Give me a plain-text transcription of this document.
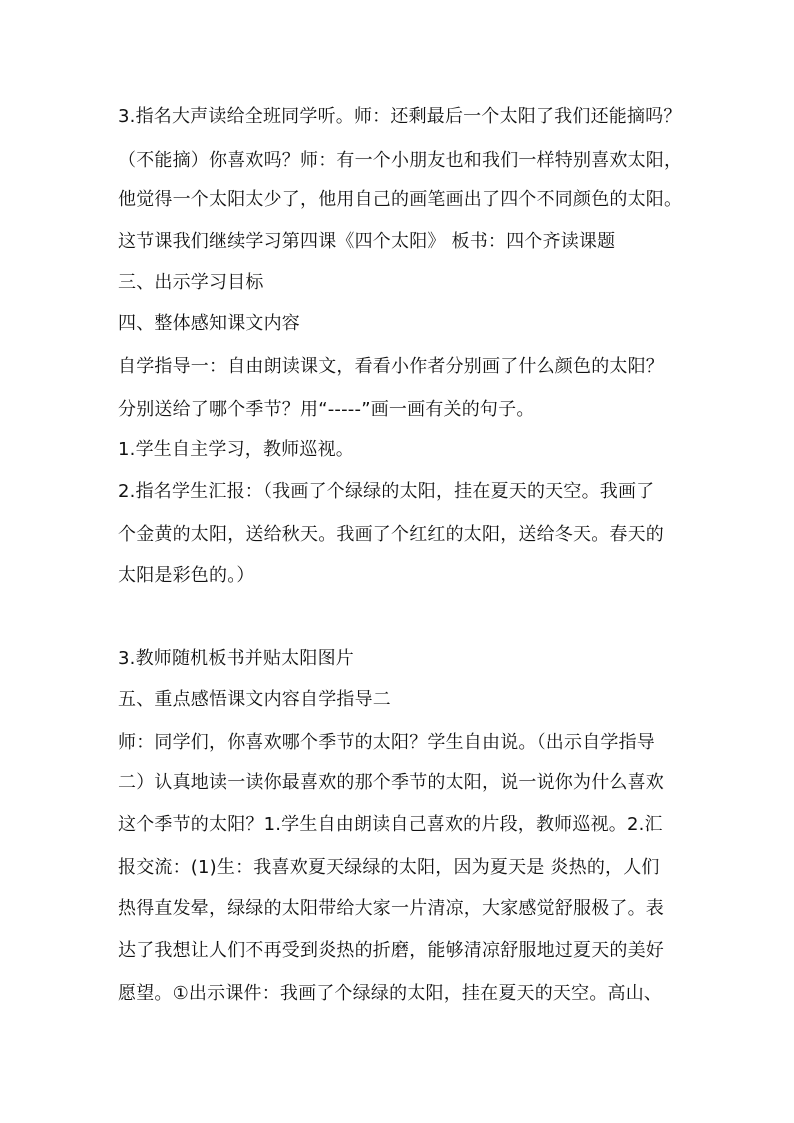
3.指名大声读给全班同学听。师：还剩最后一个太阳了我们还能摘吗？
（不能摘）你喜欢吗？师：有一个小朋友也和我们一样特别喜欢太阳，
他觉得一个太阳太少了，他用自己的画笔画出了四个不同颜色的太阳。
这节课我们继续学习第四课《四个太阳》 板书：四个齐读课题
三、出示学习目标
四、整体感知课文内容
自学指导一：自由朗读课文，看看小作者分别画了什么颜色的太阳？
分别送给了哪个季节？用“-----”画一画有关的句子。
1.学生自主学习，教师巡视。
2.指名学生汇报：（我画了个绿绿的太阳，挂在夏天的天空。我画了
个金黄的太阳，送给秋天。我画了个红红的太阳，送给冬天。春天的
太阳是彩色的。）
3.教师随机板书并贴太阳图片
五、重点感悟课文内容自学指导二
师：同学们，你喜欢哪个季节的太阳？学生自由说。（出示自学指导
二）认真地读一读你最喜欢的那个季节的太阳，说一说你为什么喜欢
这个季节的太阳？1.学生自由朗读自己喜欢的片段，教师巡视。2.汇
报交流：(1)生：我喜欢夏天绿绿的太阳，因为夏天是 炎热的，人们
热得直发晕，绿绿的太阳带给大家一片清凉，大家感觉舒服极了。表
达了我想让人们不再受到炎热的折磨，能够清凉舒服地过夏天的美好
愿望。①出示课件：我画了个绿绿的太阳，挂在夏天的天空。高山、
